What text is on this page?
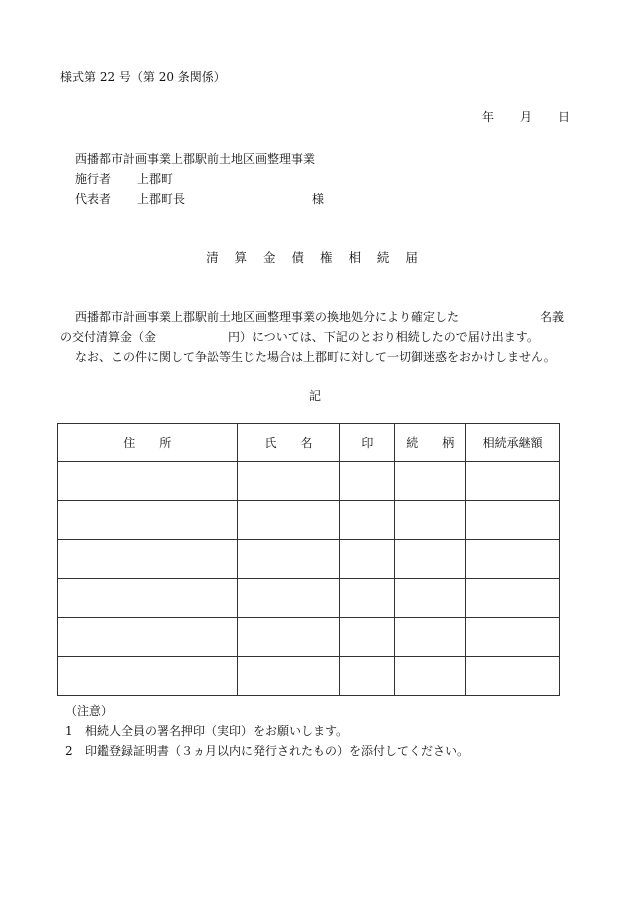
様式第 22 号（第 20 条関係）
年 月 日
西播都市計画事業上郡駅前土地区画整理事業
施行者 上郡町
代表者 上郡町長	様
清 算 金 債 権 相 続 届
西播都市計画事業上郡駅前土地区画整理事業の換地処分により確定した	名義
の交付清算金（金	円）については、下記のとおり相続したので届け出ます。
なお、この件に関して争訟等生じた場合は上郡町に対して一切御迷惑をおかけしません。
記
住　　所	氏　　名	印	続　　柄	相続承継額

（注意）
1 相続人全員の署名押印（実印）をお願いします。
2 印鑑登録証明書（３ヵ月以内に発行されたもの）を添付してください。
